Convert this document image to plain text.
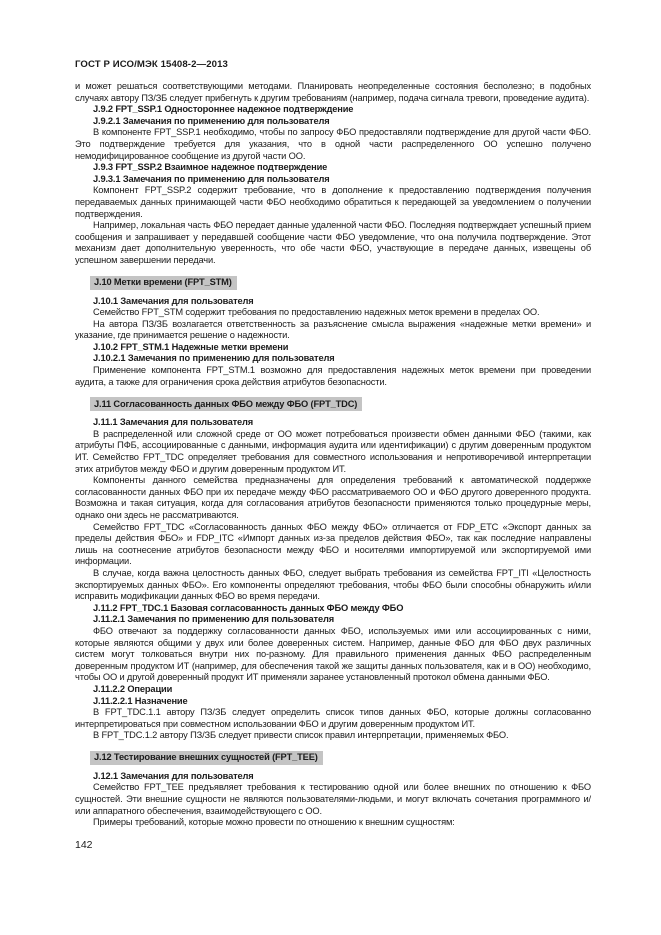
ГОСТ Р ИСО/МЭК 15408-2—2013
и может решаться соответствующими методами. Планировать неопределенные состояния бесполезно; в подобных случаях автору ПЗ/ЗБ следует прибегнуть к другим требованиям (например, подача сигнала тревоги, проведение аудита).
J.9.2 FPT_SSP.1 Одностороннее надежное подтверждение
J.9.2.1 Замечания по применению для пользователя
В компоненте FPT_SSP.1 необходимо, чтобы по запросу ФБО предоставляли подтверждение для другой части ФБО. Это подтверждение требуется для указания, что в одной части распределенного ОО успешно получено немодифицированное сообщение из другой части ОО.
J.9.3 FPT_SSP.2 Взаимное надежное подтверждение
J.9.3.1 Замечания по применению для пользователя
Компонент FPT_SSP.2 содержит требование, что в дополнение к предоставлению подтверждения получения передаваемых данных принимающей части ФБО необходимо обратиться к передающей за уведомлением о получении подтверждения.
Например, локальная часть ФБО передает данные удаленной части ФБО. Последняя подтверждает успешный прием сообщения и запрашивает у передавшей сообщение части ФБО уведомление, что она получила подтверждение. Этот механизм дает дополнительную уверенность, что обе части ФБО, участвующие в передаче данных, извещены об успешном завершении передачи.
J.10 Метки времени (FPT_STM)
J.10.1 Замечания для пользователя
Семейство FPT_STM содержит требования по предоставлению надежных меток времени в пределах ОО.
На автора ПЗ/ЗБ возлагается ответственность за разъяснение смысла выражения «надежные метки времени» и указание, где принимается решение о надежности.
J.10.2 FPT_STM.1 Надежные метки времени
J.10.2.1 Замечания по применению для пользователя
Применение компонента FPT_STM.1 возможно для предоставления надежных меток времени при проведении аудита, а также для ограничения срока действия атрибутов безопасности.
J.11 Согласованность данных ФБО между ФБО (FPT_TDC)
J.11.1 Замечания для пользователя
В распределенной или сложной среде от ОО может потребоваться произвести обмен данными ФБО (такими, как атрибуты ПФБ, ассоциированные с данными, информация аудита или идентификации) с другим доверенным продуктом ИТ. Семейство FPT_TDC определяет требования для совместного использования и непротиворечивой интерпретации этих атрибутов между ФБО и другим доверенным продуктом ИТ.
Компоненты данного семейства предназначены для определения требований к автоматической поддержке согласованности данных ФБО при их передаче между ФБО рассматриваемого ОО и ФБО другого доверенного продукта. Возможна и такая ситуация, когда для согласования атрибутов безопасности применяются только процедурные меры, однако они здесь не рассматриваются.
Семейство FPT_TDC «Согласованность данных ФБО между ФБО» отличается от FDP_ETC «Экспорт данных за пределы действия ФБО» и FDP_ITC «Импорт данных из-за пределов действия ФБО», так как последние направлены лишь на соотнесение атрибутов безопасности между ФБО и носителями импортируемой или экспортируемой ими информации.
В случае, когда важна целостность данных ФБО, следует выбрать требования из семейства FPT_ITI «Целостность экспортируемых данных ФБО». Его компоненты определяют требования, чтобы ФБО были способны обнаружить и/или исправить модификации данных ФБО во время передачи.
J.11.2 FPT_TDC.1 Базовая согласованность данных ФБО между ФБО
J.11.2.1 Замечания по применению для пользователя
ФБО отвечают за поддержку согласованности данных ФБО, используемых ими или ассоциированных с ними, которые являются общими у двух или более доверенных систем. Например, данные ФБО для ФБО двух различных систем могут толковаться внутри них по-разному. Для правильного применения данных ФБО распределенным доверенным продуктом ИТ (например, для обеспечения такой же защиты данных пользователя, как и в ОО) необходимо, чтобы ОО и другой доверенный продукт ИТ применяли заранее установленный протокол обмена данными ФБО.
J.11.2.2 Операции
J.11.2.2.1 Назначение
В FPT_TDC.1.1 автору ПЗ/ЗБ следует определить список типов данных ФБО, которые должны согласованно интерпретироваться при совместном использовании ФБО и другим доверенным продуктом ИТ.
В FPT_TDC.1.2 автору ПЗ/ЗБ следует привести список правил интерпретации, применяемых ФБО.
J.12 Тестирование внешних сущностей (FPT_TEE)
J.12.1 Замечания для пользователя
Семейство FPT_TEE предъявляет требования к тестированию одной или более внешних по отношению к ФБО сущностей. Эти внешние сущности не являются пользователями-людьми, и могут включать сочетания программного и/или аппаратного обеспечения, взаимодействующего с ОО.
Примеры требований, которые можно провести по отношению к внешним сущностям:
142
